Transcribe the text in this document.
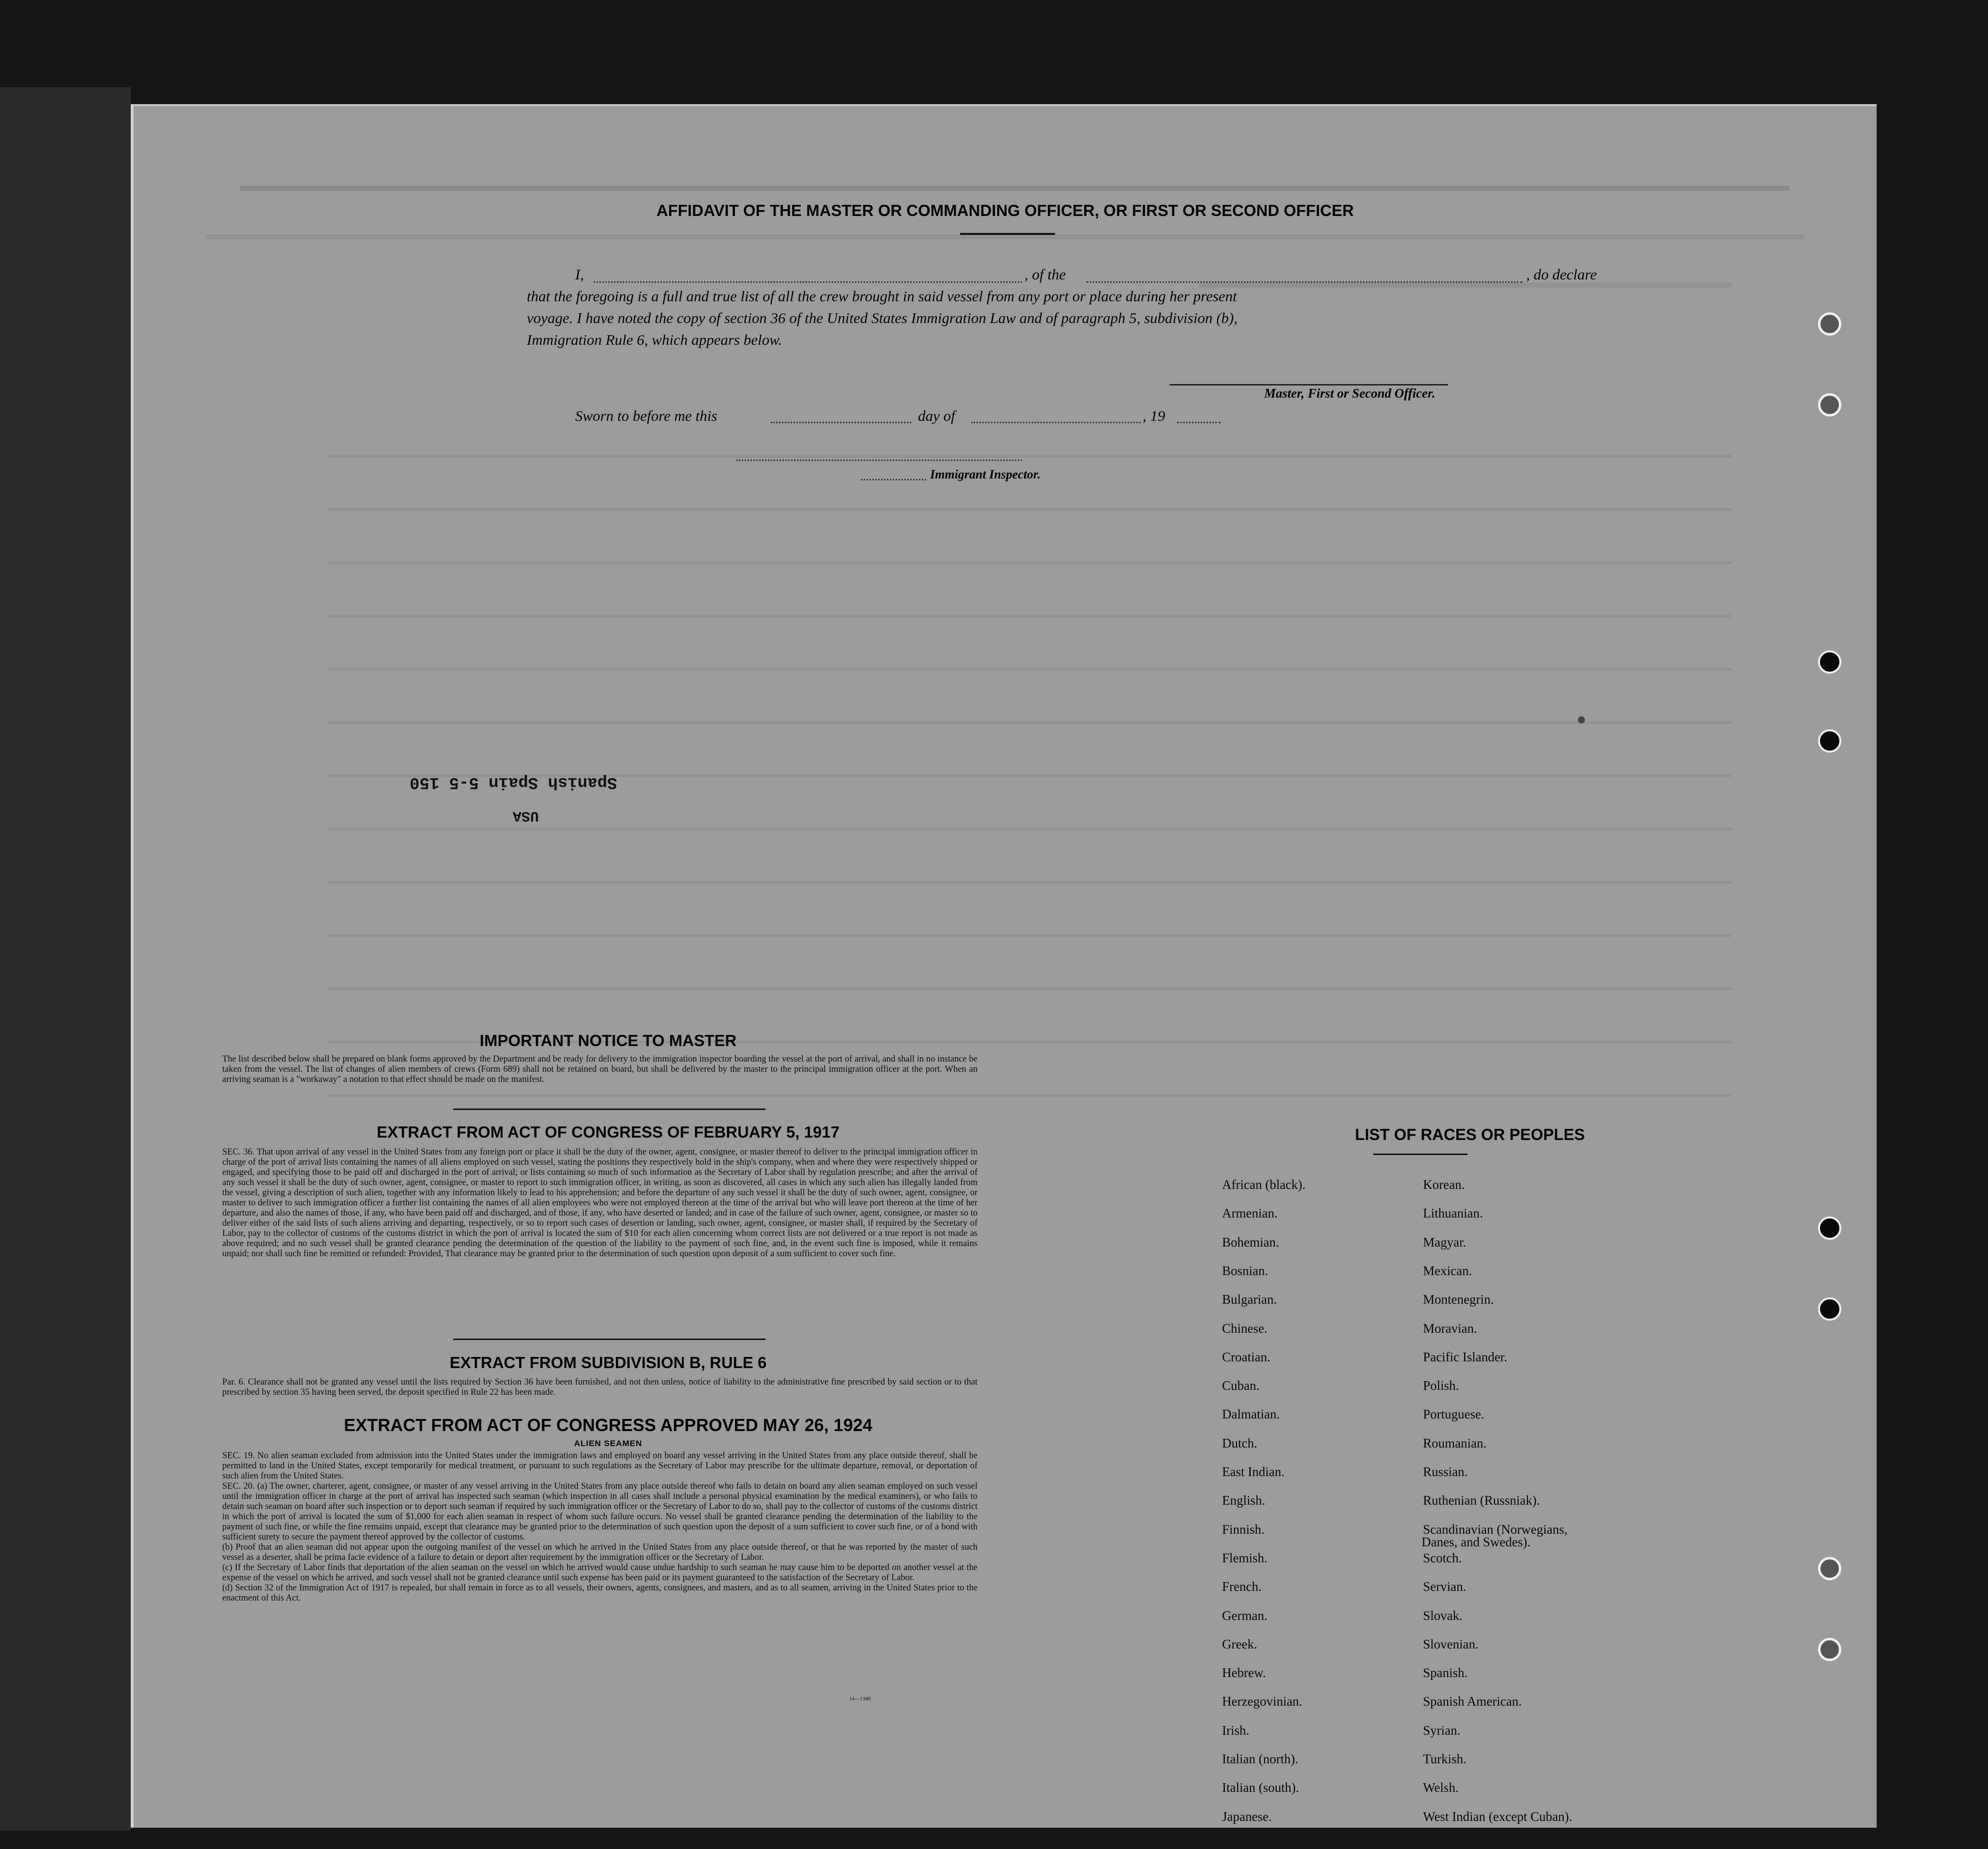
AFFIDAVIT OF THE MASTER OR COMMANDING OFFICER, OR FIRST OR SECOND OFFICER
I,	, of the	, do declare
that the foregoing is a full and true list of all the crew brought in said vessel from any port or place during her present
voyage. I have noted the copy of section 36 of the United States Immigration Law and of paragraph 5, subdivision (b),
Immigration Rule 6, which appears below.
Master, First or Second Officer.
Sworn to before me this	day of	, 19
Immigrant Inspector.
Spanish Spain 5-5 150
USA
IMPORTANT NOTICE TO MASTER
The list described below shall be prepared on blank forms approved by the Department and be ready for delivery to the immigration inspector boarding the vessel at the port of arrival, and shall in no instance be taken from the vessel. The list of changes of alien members of crews (Form 689) shall not be retained on board, but shall be delivered by the master to the principal immigration officer at the port. When an arriving seaman is a "workaway" a notation to that effect should be made on the manifest.
EXTRACT FROM ACT OF CONGRESS OF FEBRUARY 5, 1917
SEC. 36. That upon arrival of any vessel in the United States from any foreign port or place it shall be the duty of the owner, agent, consignee, or master thereof to deliver to the principal immigration officer in charge of the port of arrival lists containing the names of all aliens employed on such vessel, stating the positions they respectively hold in the ship's company, when and where they were respectively shipped or engaged, and specifying those to be paid off and discharged in the port of arrival; or lists containing so much of such information as the Secretary of Labor shall by regulation prescribe; and after the arrival of any such vessel it shall be the duty of such owner, agent, consignee, or master to report to such immigration officer, in writing, as soon as discovered, all cases in which any such alien has illegally landed from the vessel, giving a description of such alien, together with any information likely to lead to his apprehension; and before the departure of any such vessel it shall be the duty of such owner, agent, consignee, or master to deliver to such immigration officer a further list containing the names of all alien employees who were not employed thereon at the time of the arrival but who will leave port thereon at the time of her departure, and also the names of those, if any, who have been paid off and discharged, and of those, if any, who have deserted or landed; and in case of the failure of such owner, agent, consignee, or master so to deliver either of the said lists of such aliens arriving and departing, respectively, or so to report such cases of desertion or landing, such owner, agent, consignee, or master shall, if required by the Secretary of Labor, pay to the collector of customs of the customs district in which the port of arrival is located the sum of $10 for each alien concerning whom correct lists are not delivered or a true report is not made as above required; and no such vessel shall be granted clearance pending the determination of the question of the liability to the payment of such fine, and, in the event such fine is imposed, while it remains unpaid; nor shall such fine be remitted or refunded: Provided, That clearance may be granted prior to the determination of such question upon deposit of a sum sufficient to cover such fine.
EXTRACT FROM SUBDIVISION B, RULE 6
Par. 6. Clearance shall not be granted any vessel until the lists required by Section 36 have been furnished, and not then unless, notice of liability to the administrative fine prescribed by said section or to that prescribed by section 35 having been served, the deposit specified in Rule 22 has been made.
EXTRACT FROM ACT OF CONGRESS APPROVED MAY 26, 1924
ALIEN SEAMEN
SEC. 19. No alien seaman excluded from admission into the United States under the immigration laws and employed on board any vessel arriving in the United States from any place outside thereof, shall be permitted to land in the United States, except temporarily for medical treatment, or pursuant to such regulations as the Secretary of Labor may prescribe for the ultimate departure, removal, or deportation of such alien from the United States.
SEC. 20. (a) The owner, charterer, agent, consignee, or master of any vessel arriving in the United States from any place outside thereof who fails to detain on board any alien seaman employed on such vessel until the immigration officer in charge at the port of arrival has inspected such seaman (which inspection in all cases shall include a personal physical examination by the medical examiners), or who fails to detain such seaman on board after such inspection or to deport such seaman if required by such immigration officer or the Secretary of Labor to do so, shall pay to the collector of customs of the customs district in which the port of arrival is located the sum of $1,000 for each alien seaman in respect of whom such failure occurs. No vessel shall be granted clearance pending the determination of the liability to the payment of such fine, or while the fine remains unpaid, except that clearance may be granted prior to the determination of such question upon the deposit of a sum sufficient to cover such fine, or of a bond with sufficient surety to secure the payment thereof approved by the collector of customs.
(b) Proof that an alien seaman did not appear upon the outgoing manifest of the vessel on which he arrived in the United States from any place outside thereof, or that he was reported by the master of such vessel as a deserter, shall be prima facie evidence of a failure to detain or deport after requirement by the immigration officer or the Secretary of Labor.
(c) If the Secretary of Labor finds that deportation of the alien seaman on the vessel on which he arrived would cause undue hardship to such seaman he may cause him to be deported on another vessel at the expense of the vessel on which he arrived, and such vessel shall not be granted clearance until such expense has been paid or its payment guaranteed to the satisfaction of the Secretary of Labor.
(d) Section 32 of the Immigration Act of 1917 is repealed, but shall remain in force as to all vessels, their owners, agents, consignees, and masters, and as to all seamen, arriving in the United States prior to the enactment of this Act.
14—1340
LIST OF RACES OR PEOPLES
African (black).
Armenian.
Bohemian.
Bosnian.
Bulgarian.
Chinese.
Croatian.
Cuban.
Dalmatian.
Dutch.
East Indian.
English.
Finnish.
Flemish.
French.
German.
Greek.
Hebrew.
Herzegovinian.
Irish.
Italian (north).
Italian (south).
Japanese.
Korean.
Lithuanian.
Magyar.
Mexican.
Montenegrin.
Moravian.
Pacific Islander.
Polish.
Portuguese.
Roumanian.
Russian.
Ruthenian (Russniak).
Scandinavian (Norwegians,
Danes, and Swedes).
Scotch.
Servian.
Slovak.
Slovenian.
Spanish.
Spanish American.
Syrian.
Turkish.
Welsh.
West Indian (except Cuban).
●
